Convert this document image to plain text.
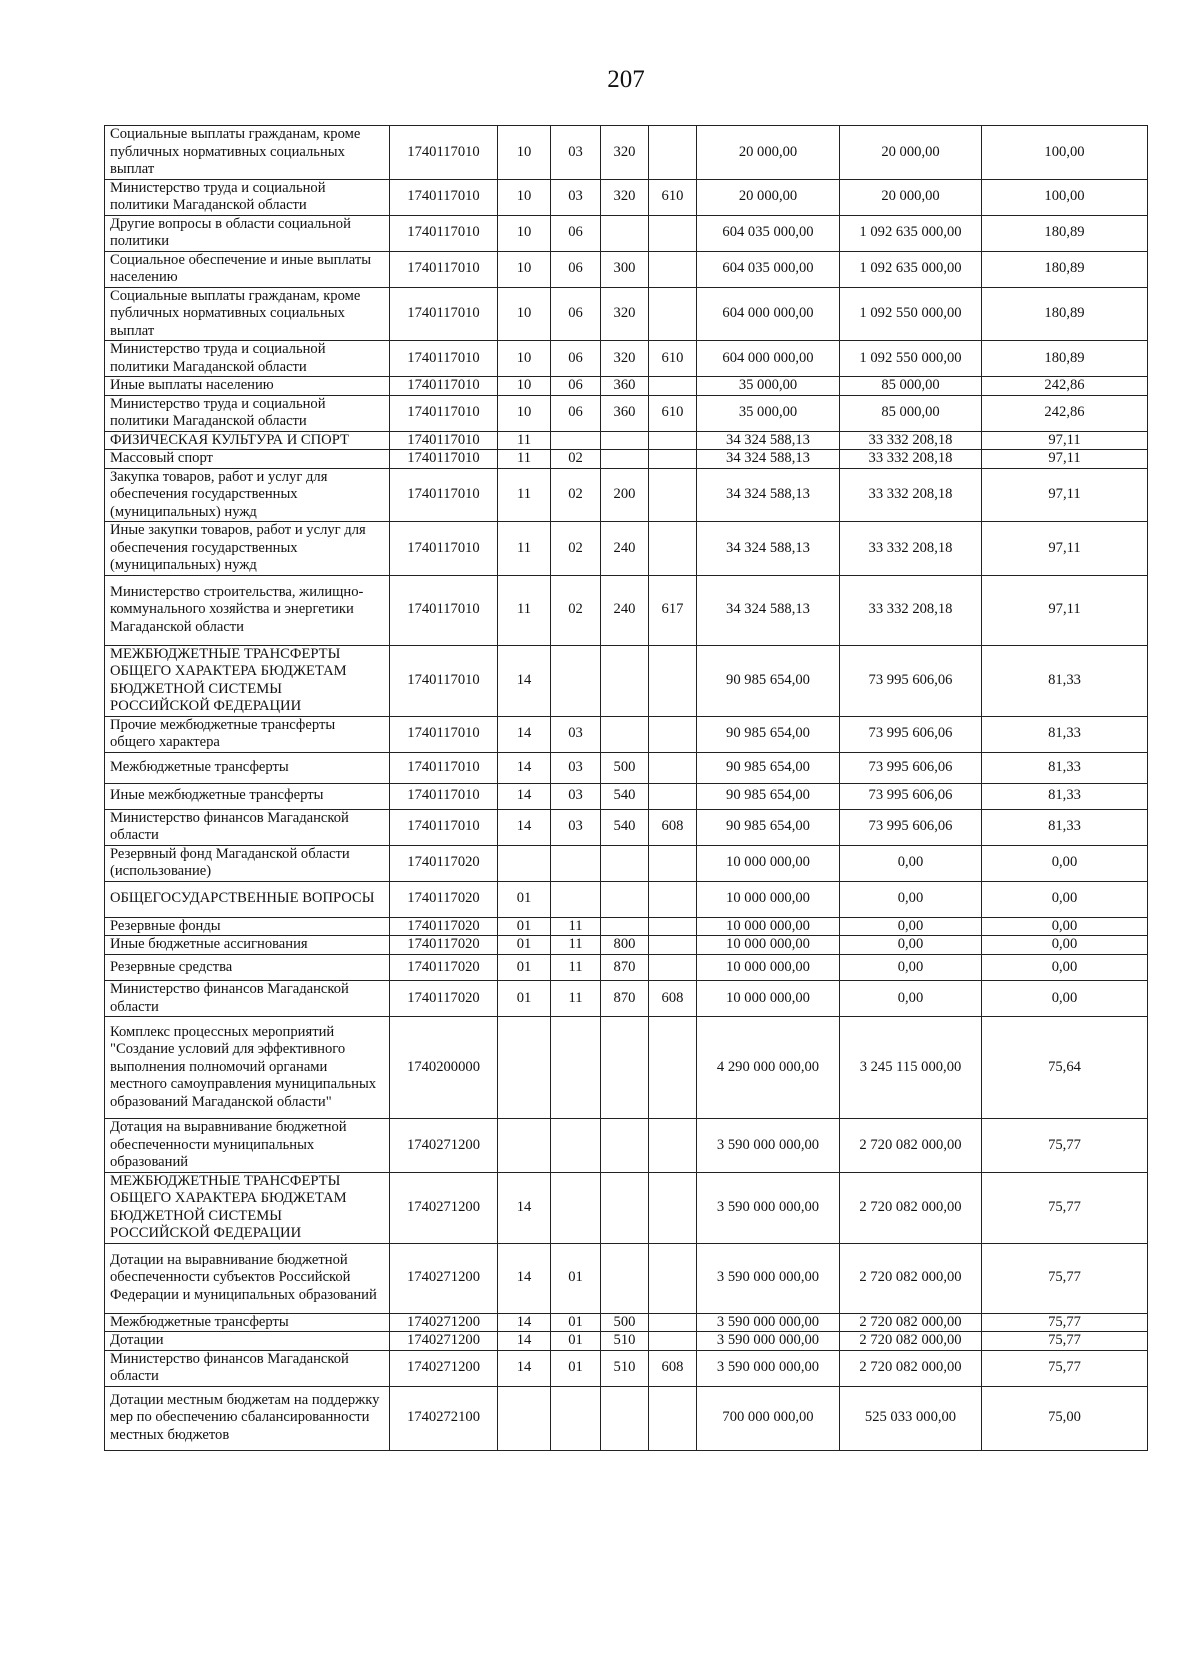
207
Социальные выплаты гражданам, кроме публичных нормативных социальных выплат	1740117010	10	03	320		20 000,00	20 000,00	100,00
Министерство труда и социальной политики Магаданской области	1740117010	10	03	320	610	20 000,00	20 000,00	100,00
Другие вопросы в области социальной политики	1740117010	10	06			604 035 000,00	1 092 635 000,00	180,89
Социальное обеспечение и иные выплаты населению	1740117010	10	06	300		604 035 000,00	1 092 635 000,00	180,89
Социальные выплаты гражданам, кроме публичных нормативных социальных выплат	1740117010	10	06	320		604 000 000,00	1 092 550 000,00	180,89
Министерство труда и социальной политики Магаданской области	1740117010	10	06	320	610	604 000 000,00	1 092 550 000,00	180,89
Иные выплаты населению	1740117010	10	06	360		35 000,00	85 000,00	242,86
Министерство труда и социальной политики Магаданской области	1740117010	10	06	360	610	35 000,00	85 000,00	242,86
ФИЗИЧЕСКАЯ КУЛЬТУРА И СПОРТ	1740117010	11				34 324 588,13	33 332 208,18	97,11
Массовый спорт	1740117010	11	02			34 324 588,13	33 332 208,18	97,11
Закупка товаров, работ и услуг для обеспечения государственных (муниципальных) нужд	1740117010	11	02	200		34 324 588,13	33 332 208,18	97,11
Иные закупки товаров, работ и услуг для обеспечения государственных (муниципальных) нужд	1740117010	11	02	240		34 324 588,13	33 332 208,18	97,11
Министерство строительства, жилищно-коммунального хозяйства и энергетики Магаданской области	1740117010	11	02	240	617	34 324 588,13	33 332 208,18	97,11
МЕЖБЮДЖЕТНЫЕ ТРАНСФЕРТЫ ОБЩЕГО ХАРАКТЕРА БЮДЖЕТАМ БЮДЖЕТНОЙ СИСТЕМЫ РОССИЙСКОЙ ФЕДЕРАЦИИ	1740117010	14				90 985 654,00	73 995 606,06	81,33
Прочие межбюджетные трансферты общего характера	1740117010	14	03			90 985 654,00	73 995 606,06	81,33
Межбюджетные трансферты	1740117010	14	03	500		90 985 654,00	73 995 606,06	81,33
Иные межбюджетные трансферты	1740117010	14	03	540		90 985 654,00	73 995 606,06	81,33
Министерство финансов Магаданской области	1740117010	14	03	540	608	90 985 654,00	73 995 606,06	81,33
Резервный фонд Магаданской области (использование)	1740117020					10 000 000,00	0,00	0,00
ОБЩЕГОСУДАРСТВЕННЫЕ ВОПРОСЫ	1740117020	01				10 000 000,00	0,00	0,00
Резервные фонды	1740117020	01	11			10 000 000,00	0,00	0,00
Иные бюджетные ассигнования	1740117020	01	11	800		10 000 000,00	0,00	0,00
Резервные средства	1740117020	01	11	870		10 000 000,00	0,00	0,00
Министерство финансов Магаданской области	1740117020	01	11	870	608	10 000 000,00	0,00	0,00
Комплекс процессных мероприятий "Создание условий для эффективного выполнения полномочий органами местного самоуправления муниципальных образований Магаданской области"	1740200000					4 290 000 000,00	3 245 115 000,00	75,64
Дотация на выравнивание бюджетной обеспеченности муниципальных образований	1740271200					3 590 000 000,00	2 720 082 000,00	75,77
МЕЖБЮДЖЕТНЫЕ ТРАНСФЕРТЫ ОБЩЕГО ХАРАКТЕРА БЮДЖЕТАМ БЮДЖЕТНОЙ СИСТЕМЫ РОССИЙСКОЙ ФЕДЕРАЦИИ	1740271200	14				3 590 000 000,00	2 720 082 000,00	75,77
Дотации на выравнивание бюджетной обеспеченности субъектов Российской Федерации и муниципальных образований	1740271200	14	01			3 590 000 000,00	2 720 082 000,00	75,77
Межбюджетные трансферты	1740271200	14	01	500		3 590 000 000,00	2 720 082 000,00	75,77
Дотации	1740271200	14	01	510		3 590 000 000,00	2 720 082 000,00	75,77
Министерство финансов Магаданской области	1740271200	14	01	510	608	3 590 000 000,00	2 720 082 000,00	75,77
Дотации местным бюджетам на поддержку мер по обеспечению сбалансированности местных бюджетов	1740272100					700 000 000,00	525 033 000,00	75,00
